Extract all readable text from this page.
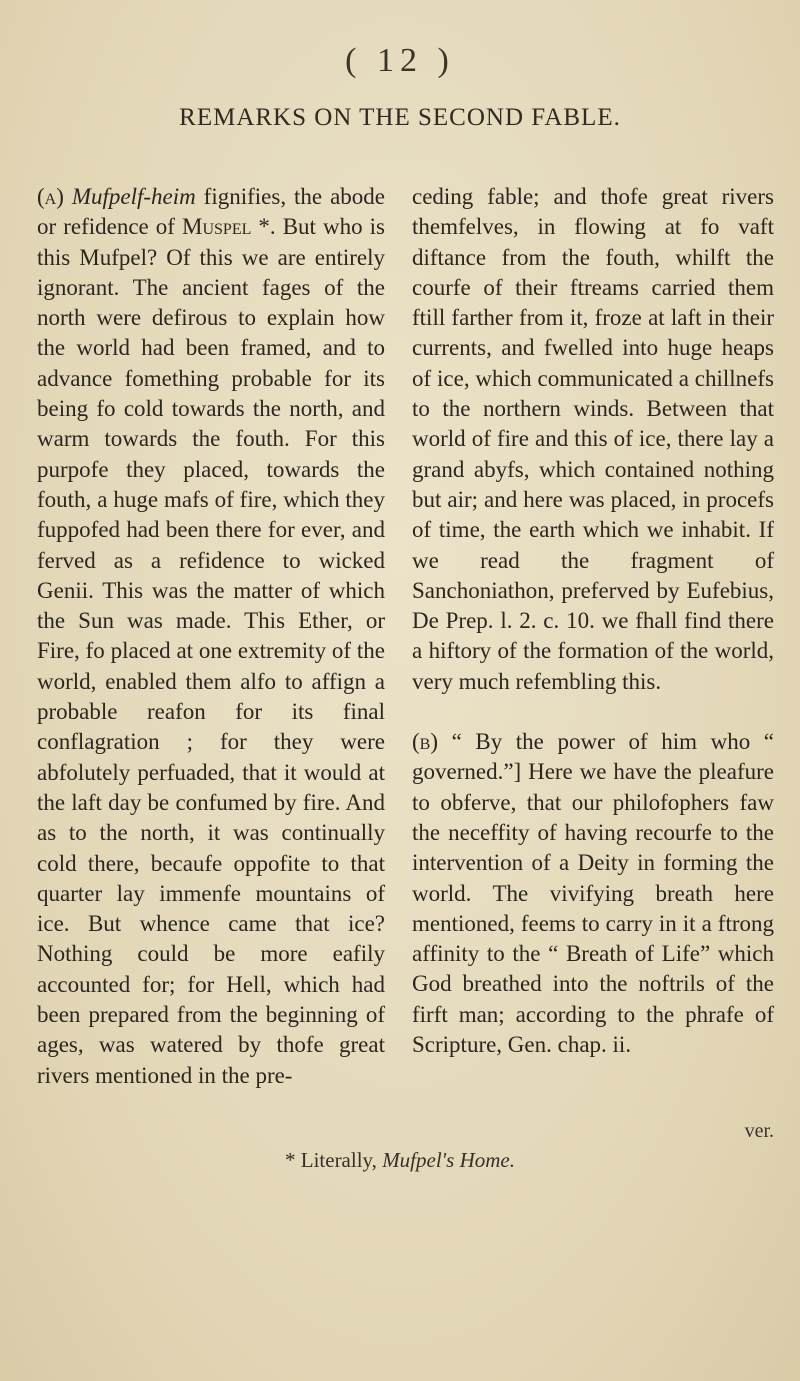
( 12 )
REMARKS ON THE SECOND FABLE.

(a) Mufpelf-heim fignifies, the abode or refidence of Muspel *. But who is this Mufpel? Of this we are entirely ignorant. The ancient fages of the north were defirous to explain how the world had been framed, and to advance fomething probable for its being fo cold towards the north, and warm towards the fouth. For this purpofe they placed, towards the fouth, a huge mafs of fire, which they fuppofed had been there for ever, and ferved as a refidence to wicked Genii. This was the matter of which the Sun was made. This Ether, or Fire, fo placed at one extremity of the world, enabled them alfo to affign a probable reafon for its final conflagration ; for they were abfolutely perfuaded, that it would at the laft day be confumed by fire. And as to the north, it was continually cold there, becaufe oppofite to that quarter lay immenfe mountains of ice. But whence came that ice? Nothing could be more eafily accounted for; for Hell, which had been prepared from the beginning of ages, was watered by thofe great rivers mentioned in the pre-

ceding fable; and thofe great rivers themfelves, in flowing at fo vaft diftance from the fouth, whilft the courfe of their ftreams carried them ftill farther from it, froze at laft in their currents, and fwelled into huge heaps of ice, which communicated a chillnefs to the northern winds. Between that world of fire and this of ice, there lay a grand abyfs, which contained nothing but air; and here was placed, in procefs of time, the earth which we inhabit. If we read the fragment of Sanchoniathon, preferved by Eufebius, De Prep. l. 2. c. 10. we fhall find there a hiftory of the formation of the world, very much refembling this.

(b) “ By the power of him who “ governed.”] Here we have the pleafure to obferve, that our philofophers faw the neceffity of having recourfe to the intervention of a Deity in forming the world. The vivifying breath here mentioned, feems to carry in it a ftrong affinity to the “ Breath of Life” which God breathed into the noftrils of the firft man; according to the phrafe of Scripture, Gen. chap. ii.

ver.
* Literally, Mufpel's Home.
